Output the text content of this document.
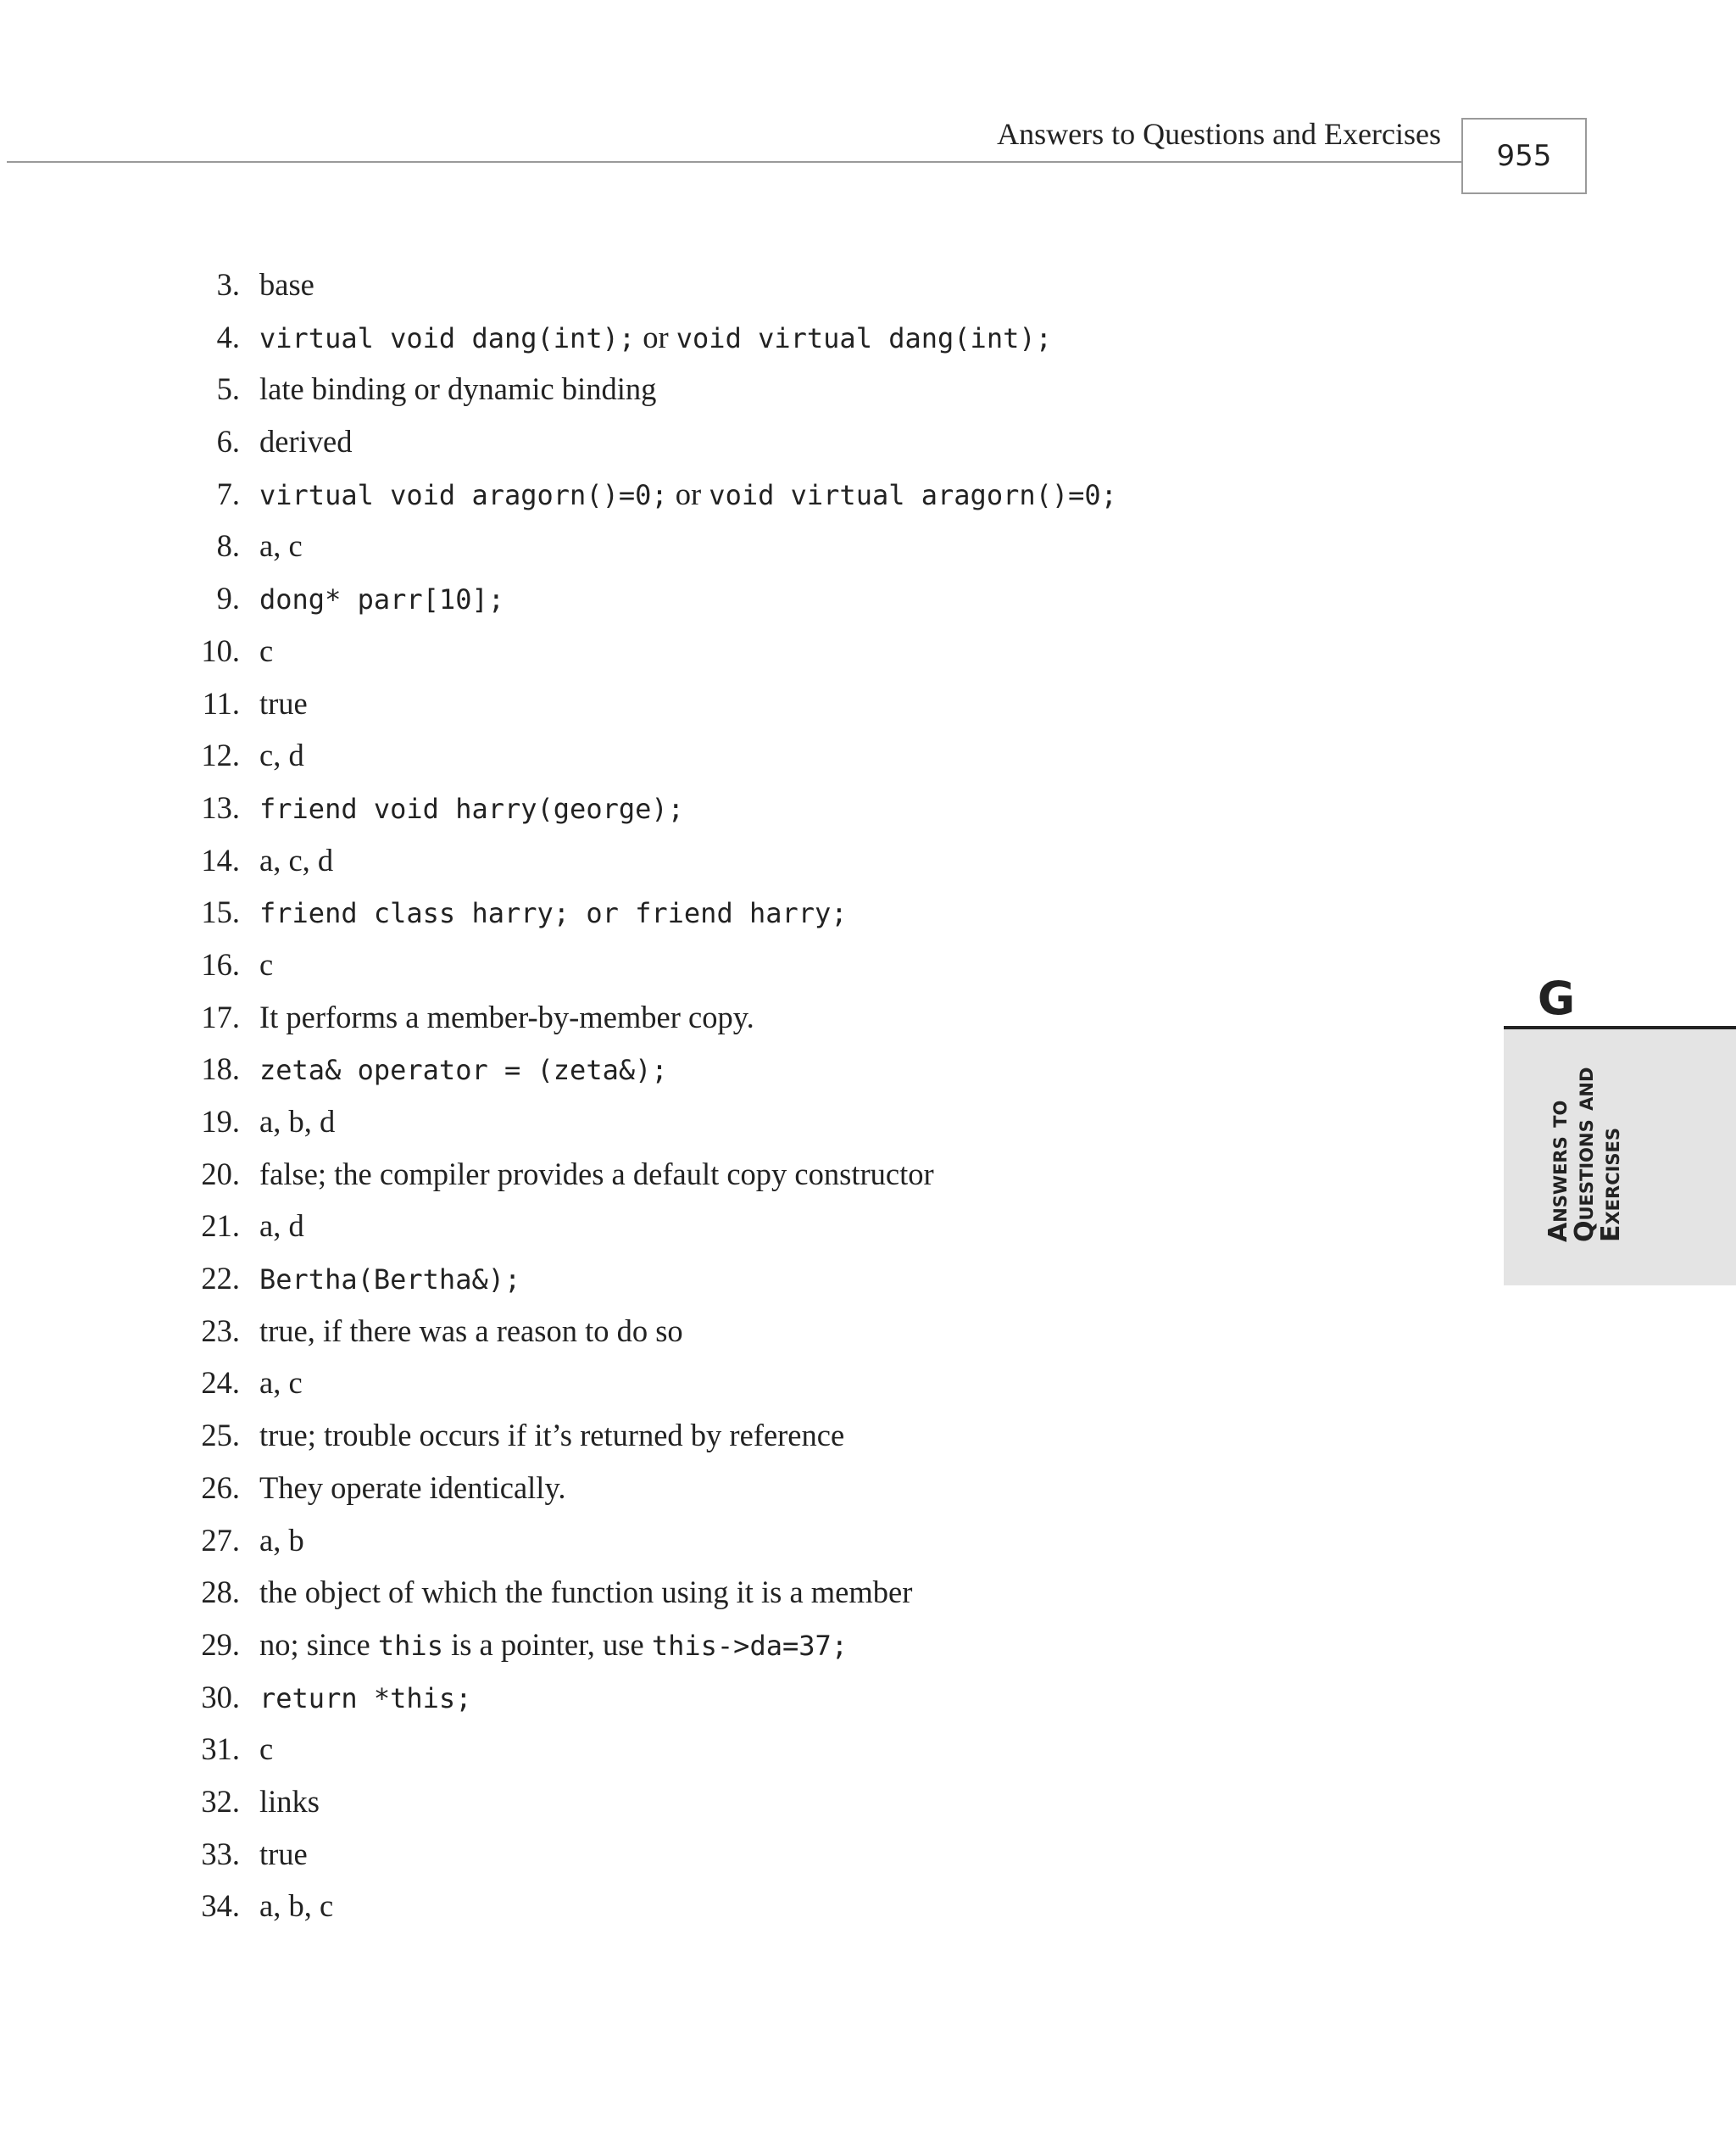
Answers to Questions and Exercises
955
G
Answers to
Questions and
Exercises
3. base
4. virtual void dang(int); or void virtual dang(int);
5. late binding or dynamic binding
6. derived
7. virtual void aragorn()=0; or void virtual aragorn()=0;
8. a, c
9. dong* parr[10];
10. c
11. true
12. c, d
13. friend void harry(george);
14. a, c, d
15. friend class harry; or friend harry;
16. c
17. It performs a member-by-member copy.
18. zeta& operator = (zeta&);
19. a, b, d
20. false; the compiler provides a default copy constructor
21. a, d
22. Bertha(Bertha&);
23. true, if there was a reason to do so
24. a, c
25. true; trouble occurs if it’s returned by reference
26. They operate identically.
27. a, b
28. the object of which the function using it is a member
29. no; since this is a pointer, use this->da=37;
30. return *this;
31. c
32. links
33. true
34. a, b, c
